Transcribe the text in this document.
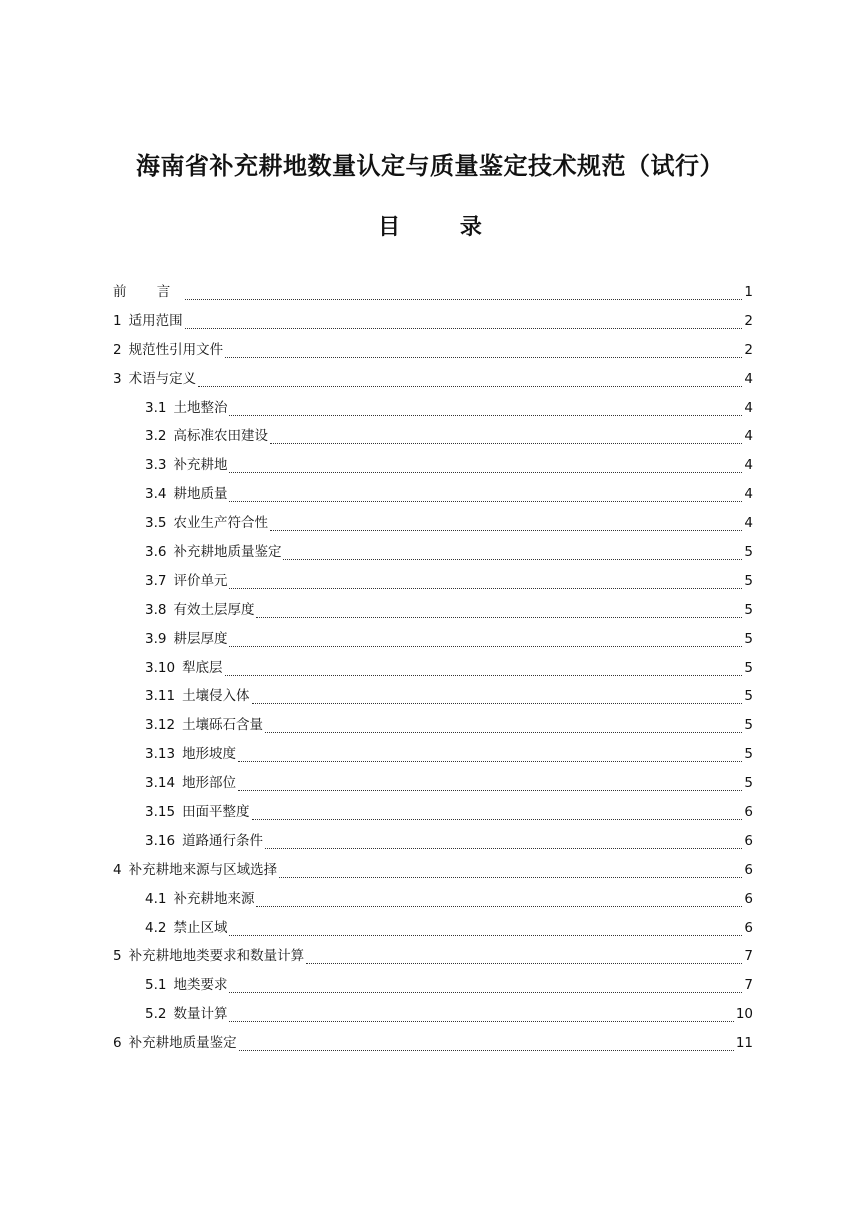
海南省补充耕地数量认定与质量鉴定技术规范（试行）
目 录
前 言	1
1 适用范围	2
2 规范性引用文件	2
3 术语与定义	4
3.1 土地整治	4
3.2 高标准农田建设	4
3.3 补充耕地	4
3.4 耕地质量	4
3.5 农业生产符合性	4
3.6 补充耕地质量鉴定	5
3.7 评价单元	5
3.8 有效土层厚度	5
3.9 耕层厚度	5
3.10 犁底层	5
3.11 土壤侵入体	5
3.12 土壤砾石含量	5
3.13 地形坡度	5
3.14 地形部位	5
3.15 田面平整度	6
3.16 道路通行条件	6
4 补充耕地来源与区域选择	6
4.1 补充耕地来源	6
4.2 禁止区域	6
5 补充耕地地类要求和数量计算	7
5.1 地类要求	7
5.2 数量计算	10
6 补充耕地质量鉴定	11
